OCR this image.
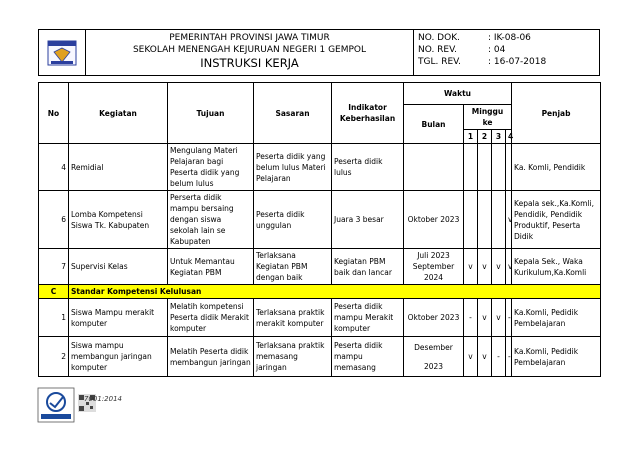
PEMERINTAH PROVINSI JAWA TIMUR
SEKOLAH MENENGAH KEJURUAN NEGERI 1 GEMPOL
INSTRUKSI KERJA
NO. DOK.	: IK-08-06
NO. REV.	: 04
TGL. REV.	: 16-07-2018
No	Kegiatan	Tujuan	Sasaran	Indikator Keberhasilan	Waktu					Penjab
					Bulan	Minggu ke				
						1	2	3	4	
4	Remidial	Mengulang Materi Pelajaran bagi Peserta didik yang belum lulus	Peserta didik yang belum lulus Materi Pelajaran	Peserta didik lulus						Ka. Komli, Pendidik
6	Lomba Kompetensi Siswa Tk. Kabupaten	Perserta didik mampu bersaing dengan siswa sekolah lain se Kabupaten	Peserta didik unggulan	Juara 3 besar	Oktober 2023				v	Kepala sek.,Ka.Komli, Pendidik, Pendidik Produktif, Peserta Didik
7	Supervisi Kelas	Untuk Memantau Kegiatan PBM	Terlaksana Kegiatan PBM dengan baik	Kegiatan PBM baik dan lancar	Juli 2023 September 2024	v	v	v	v	Kepala Sek., Waka Kurikulum,Ka.Komli
C	Standar Kompetensi Kelulusan									
1	Siswa Mampu merakit komputer	Melatih kompetensi Peserta didik Merakit komputer	Terlaksana praktik merakit komputer	Peserta didik mampu Merakit komputer	Oktober 2023	-	v	v	-	Ka.Komli, Pedidik Pembelajaran
2	Siswa mampu membangun jaringan komputer	Melatih Peserta didik membangun jaringan	Terlaksana praktik memasang jaringan	Peserta didik mampu memasang	Desember
2023	v	v	-	-	Ka.Komli, Pedidik Pembelajaran
7001:2014
